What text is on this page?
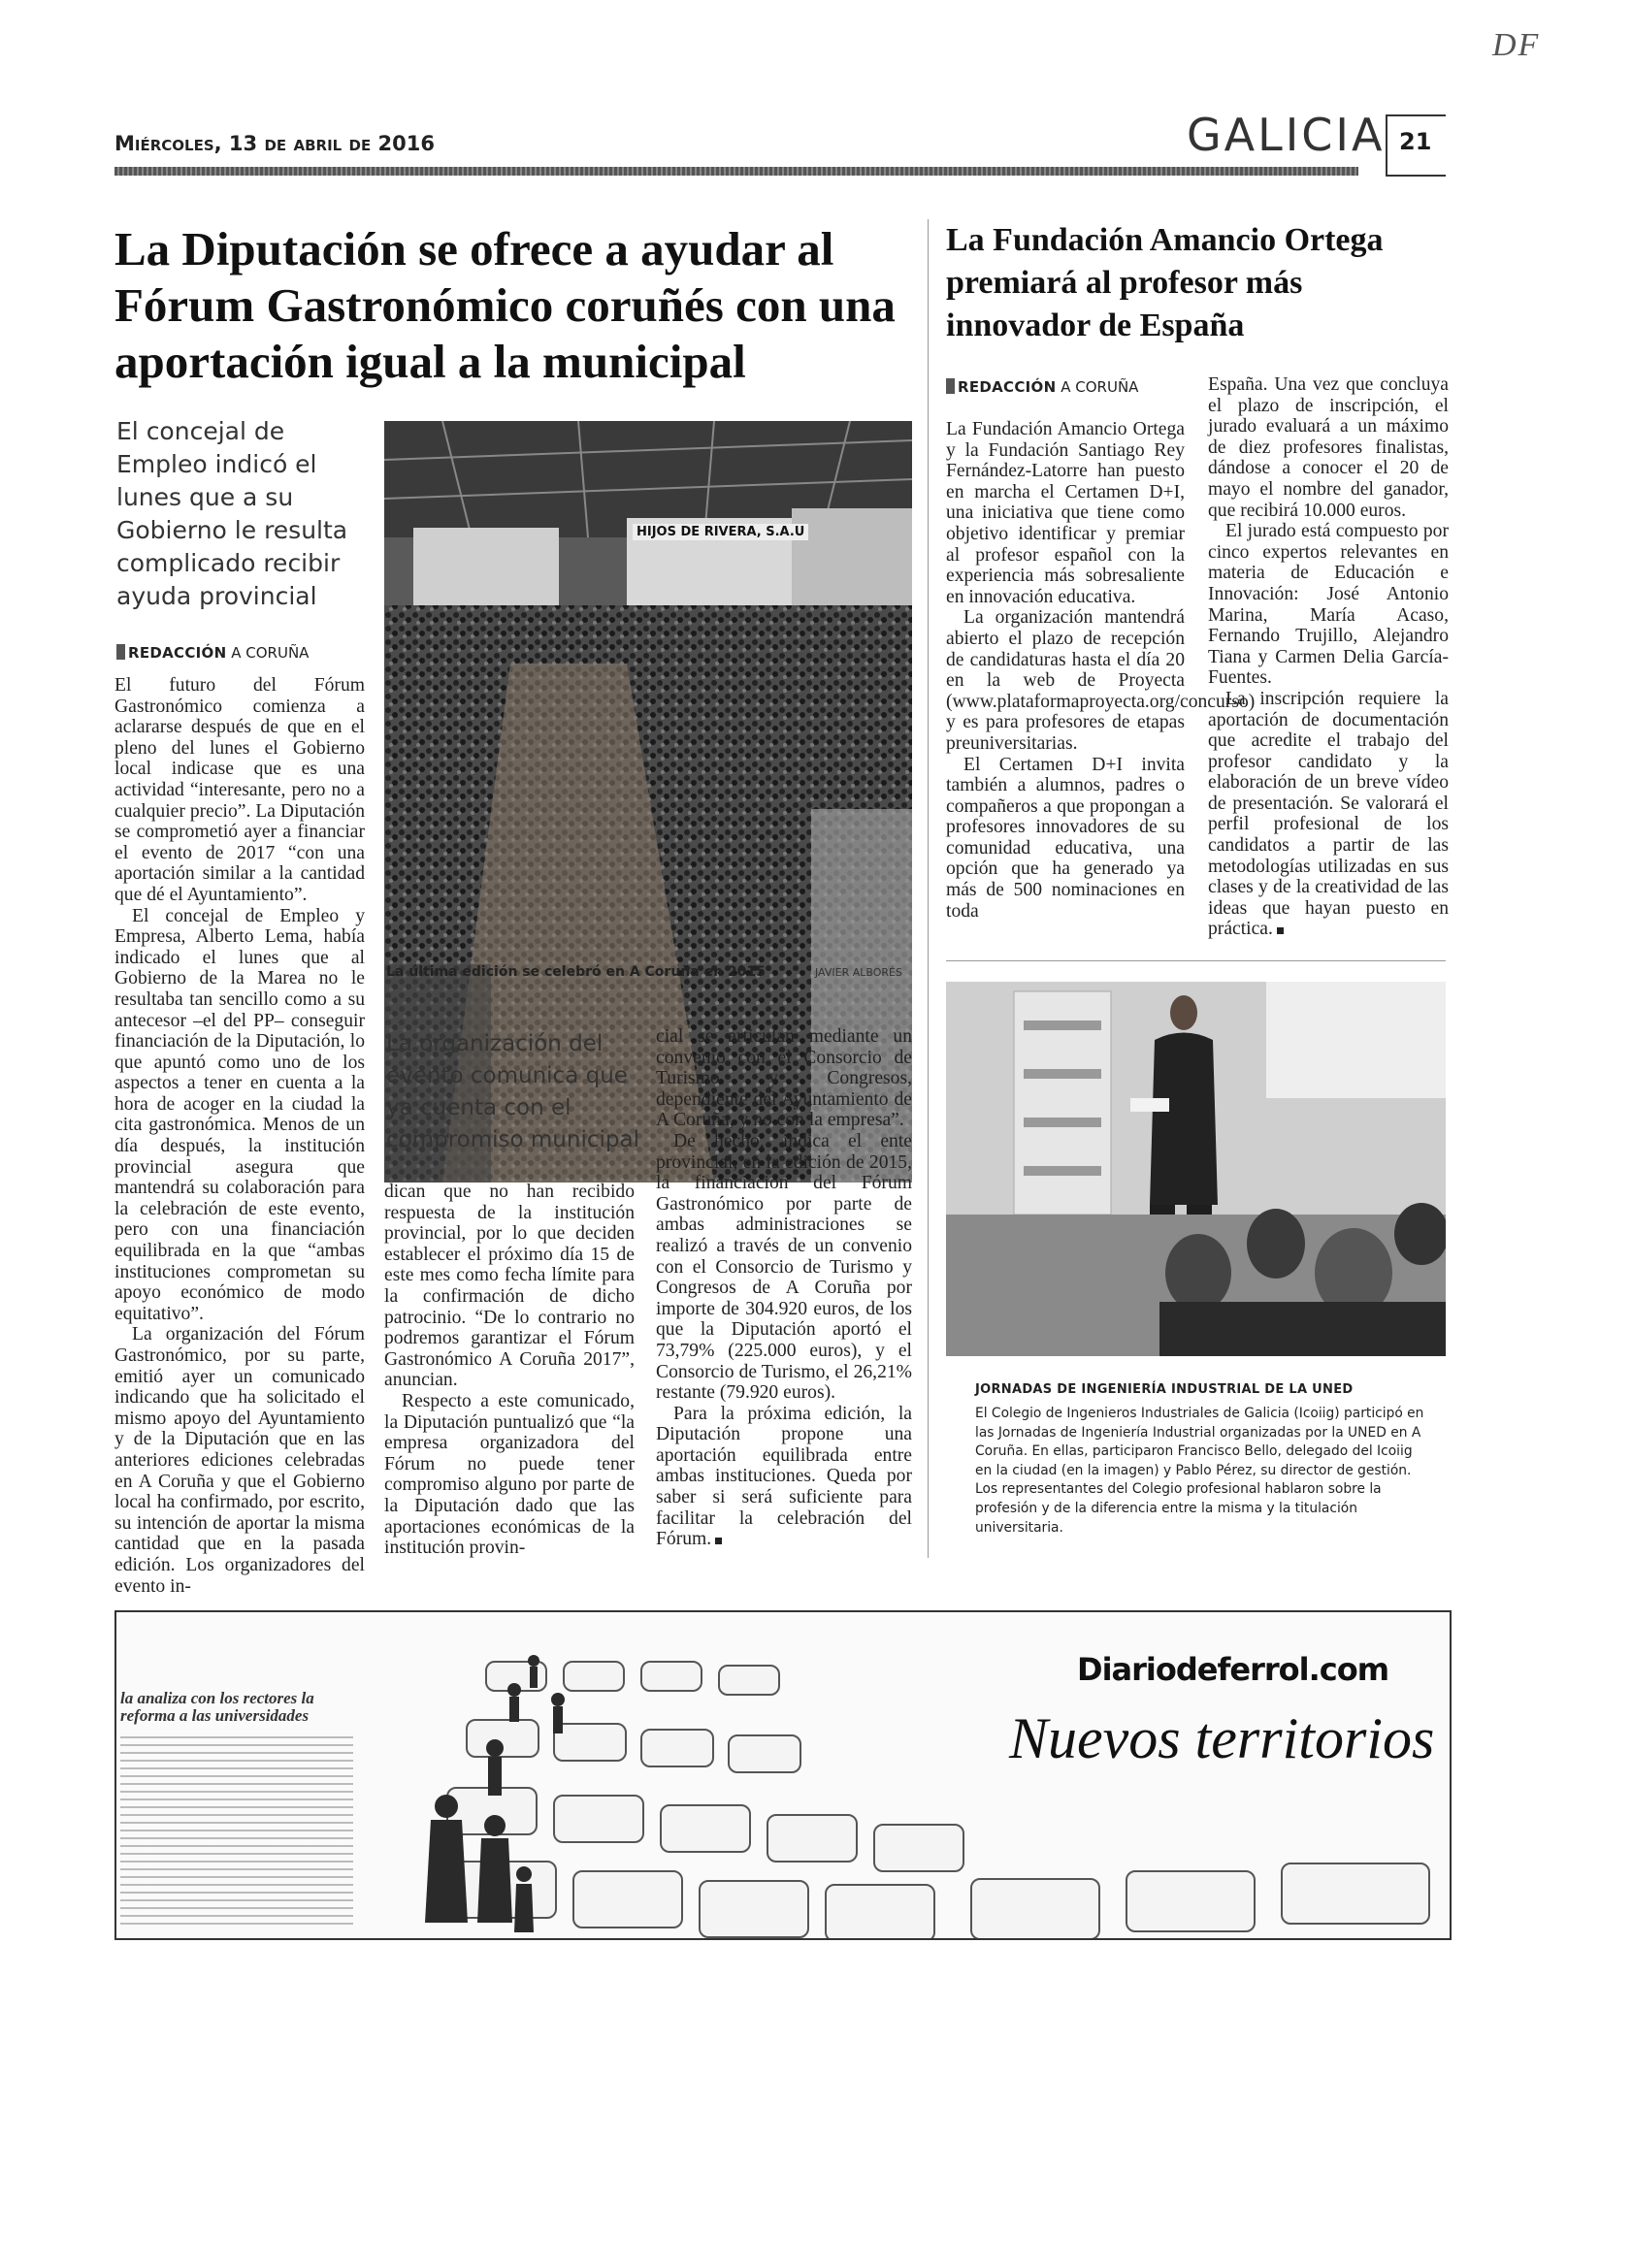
DF
Miércoles, 13 de abril de 2016	GALICIA 21
La Diputación se ofrece a ayudar al Fórum Gastronómico coruñés con una aportación igual a la municipal
El concejal de Empleo indicó el lunes que a su Gobierno le resulta complicado recibir ayuda provincial
REDACCIÓN A CORUÑA

El futuro del Fórum Gastronómico comienza a aclararse después de que en el pleno del lunes el Gobierno local indicase que es una actividad “interesante, pero no a cualquier precio”. La Diputación se comprometió ayer a financiar el evento de 2017 “con una aportación similar a la cantidad que dé el Ayuntamiento”.

El concejal de Empleo y Empresa, Alberto Lema, había indicado el lunes que al Gobierno de la Marea no le resultaba tan sencillo como a su antecesor –el del PP– conseguir financiación de la Diputación, lo que apuntó como uno de los aspectos a tener en cuenta a la hora de acoger en la ciudad la cita gastronómica. Menos de un día después, la institución provincial asegura que mantendrá su colaboración para la celebración de este evento, pero con una financiación equilibrada en la que “ambas instituciones comprometan su apoyo económico de modo equitativo”.

La organización del Fórum Gastronómico, por su parte, emitió ayer un comunicado indicando que ha solicitado el mismo apoyo del Ayuntamiento y de la Diputación que en las anteriores ediciones celebradas en A Coruña y que el Gobierno local ha confirmado, por escrito, su intención de aportar la misma cantidad que en la pasada edición. Los organizadores del evento in-

HIJOS DE RIVERA, S.A.U
La última edición se celebró en A Coruña en 2015	JAVIER ALBORÉS
La organización del evento comunica que ya cuenta con el compromiso municipal

dican que no han recibido respuesta de la institución provincial, por lo que deciden establecer el próximo día 15 de este mes como fecha límite para la confirmación de dicho patrocinio. “De lo contrario no podremos garantizar el Fórum Gastronómico A Coruña 2017”, anuncian.

Respecto a este comunicado, la Diputación puntualizó que “la empresa organizadora del Fórum no puede tener compromiso alguno por parte de la Diputación dado que las aportaciones económicas de la institución provin-

cial se articulan mediante un convenio con el Consorcio de Turismo y Congresos, dependiente del Ayuntamiento de A Coruña, y no con la empresa”.

De hecho, indica el ente provincial, en la edición de 2015, la financiación del Fórum Gastronómico por parte de ambas administraciones se realizó a través de un convenio con el Consorcio de Turismo y Congresos de A Coruña por importe de 304.920 euros, de los que la Diputación aportó el 73,79% (225.000 euros), y el Consorcio de Turismo, el 26,21% restante (79.920 euros).

Para la próxima edición, la Diputación propone una aportación equilibrada entre ambas instituciones. Queda por saber si será suficiente para facilitar la celebración del Fórum.

La Fundación Amancio Ortega premiará al profesor más innovador de España
REDACCIÓN A CORUÑA

La Fundación Amancio Ortega y la Fundación Santiago Rey Fernández-Latorre han puesto en marcha el Certamen D+I, una iniciativa que tiene como objetivo identificar y premiar al profesor español con la experiencia más sobresaliente en innovación educativa.

La organización mantendrá abierto el plazo de recepción de candidaturas hasta el día 20 en la web de Proyecta (www.plataformaproyecta.org/concurso) y es para profesores de etapas preuniversitarias.

El Certamen D+I invita también a alumnos, padres o compañeros a que propongan a profesores innovadores de su comunidad educativa, una opción que ha generado ya más de 500 nominaciones en toda

España. Una vez que concluya el plazo de inscripción, el jurado evaluará a un máximo de diez profesores finalistas, dándose a conocer el 20 de mayo el nombre del ganador, que recibirá 10.000 euros.

El jurado está compuesto por cinco expertos relevantes en materia de Educación e Innovación: José Antonio Marina, María Acaso, Fernando Trujillo, Alejandro Tiana y Carmen Delia García-Fuentes.

La inscripción requiere la aportación de documentación que acredite el trabajo del profesor candidato y la elaboración de un breve vídeo de presentación. Se valorará el perfil profesional de los candidatos a partir de las metodologías utilizadas en sus clases y de la creatividad de las ideas que hayan puesto en práctica.

JORNADAS DE INGENIERÍA INDUSTRIAL DE LA UNED
El Colegio de Ingenieros Industriales de Galicia (Icoiig) participó en las Jornadas de Ingeniería Industrial organizadas por la UNED en A Coruña. En ellas, participaron Francisco Bello, delegado del Icoiig en la ciudad (en la imagen) y Pablo Pérez, su director de gestión. Los representantes del Colegio profesional hablaron sobre la profesión y de la diferencia entre la misma y la titulación universitaria.
la analiza con los rectores la reforma a las universidades
Diariodeferrol.com
Nuevos territorios
